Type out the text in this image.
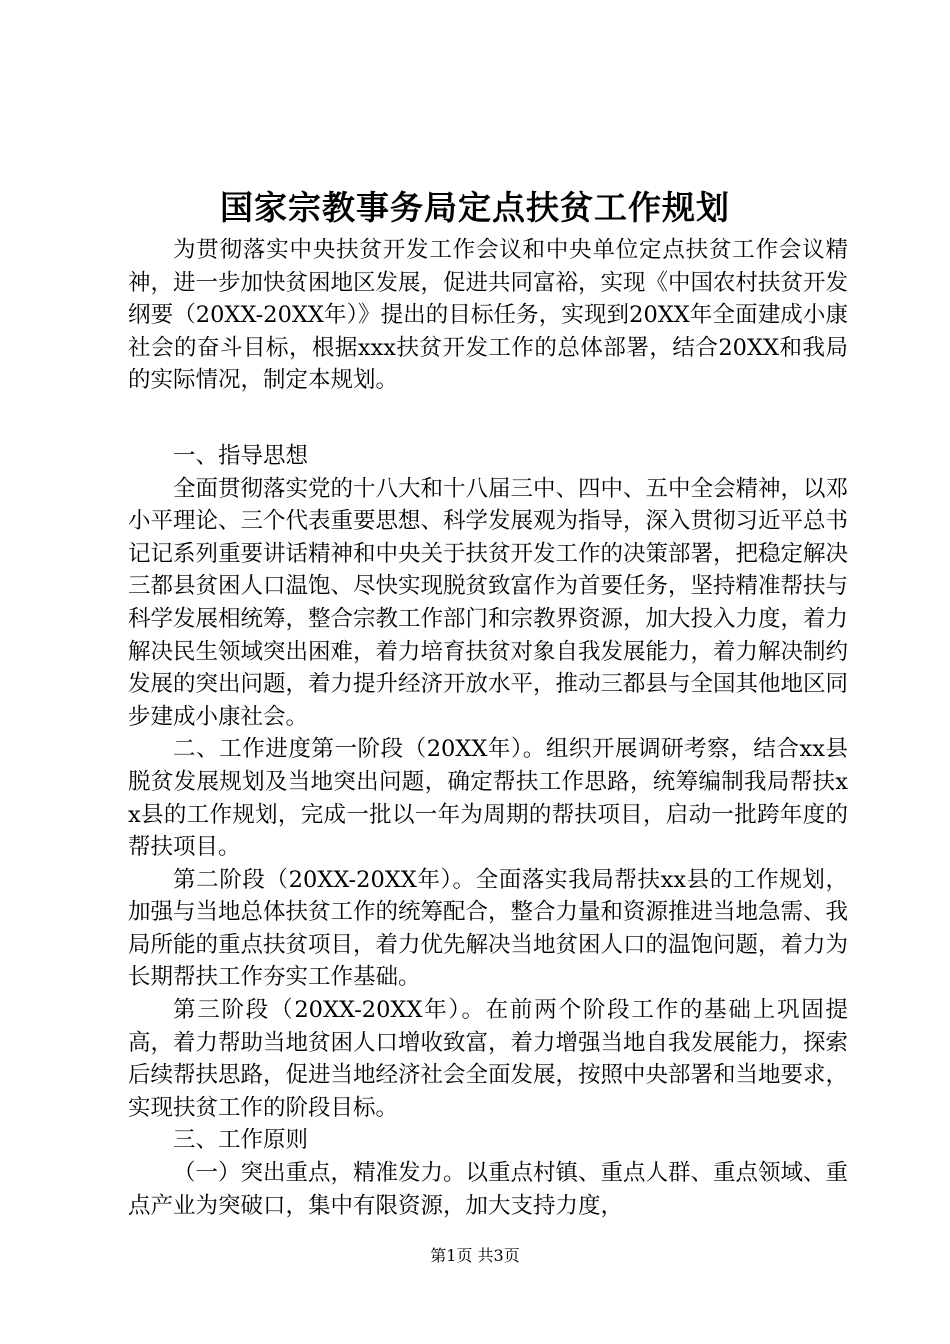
国家宗教事务局定点扶贫工作规划

为贯彻落实中央扶贫开发工作会议和中央单位定点扶贫工作会议精神，进一步加快贫困地区发展，促进共同富裕，实现《中国农村扶贫开发纲要（20XX-20XX年）》提出的目标任务，实现到20XX年全面建成小康社会的奋斗目标，根据xxx扶贫开发工作的总体部署，结合20XX和我局的实际情况，制定本规划。

一、指导思想

全面贯彻落实党的十八大和十八届三中、四中、五中全会精神，以邓小平理论、三个代表重要思想、科学发展观为指导，深入贯彻习近平总书记记系列重要讲话精神和中央关于扶贫开发工作的决策部署，把稳定解决三都县贫困人口温饱、尽快实现脱贫致富作为首要任务，坚持精准帮扶与科学发展相统筹，整合宗教工作部门和宗教界资源，加大投入力度，着力解决民生领域突出困难，着力培育扶贫对象自我发展能力，着力解决制约发展的突出问题，着力提升经济开放水平，推动三都县与全国其他地区同步建成小康社会。

二、工作进度第一阶段（20XX年）。组织开展调研考察，结合xx县脱贫发展规划及当地突出问题，确定帮扶工作思路，统筹编制我局帮扶xx县的工作规划，完成一批以一年为周期的帮扶项目，启动一批跨年度的帮扶项目。

第二阶段（20XX-20XX年）。全面落实我局帮扶xx县的工作规划，加强与当地总体扶贫工作的统筹配合，整合力量和资源推进当地急需、我局所能的重点扶贫项目，着力优先解决当地贫困人口的温饱问题，着力为长期帮扶工作夯实工作基础。

第三阶段（20XX-20XX年）。在前两个阶段工作的基础上巩固提高，着力帮助当地贫困人口增收致富，着力增强当地自我发展能力，探索后续帮扶思路，促进当地经济社会全面发展，按照中央部署和当地要求，实现扶贫工作的阶段目标。

三、工作原则

（一）突出重点，精准发力。以重点村镇、重点人群、重点领域、重点产业为突破口，集中有限资源，加大支持力度，

第1页 共3页
